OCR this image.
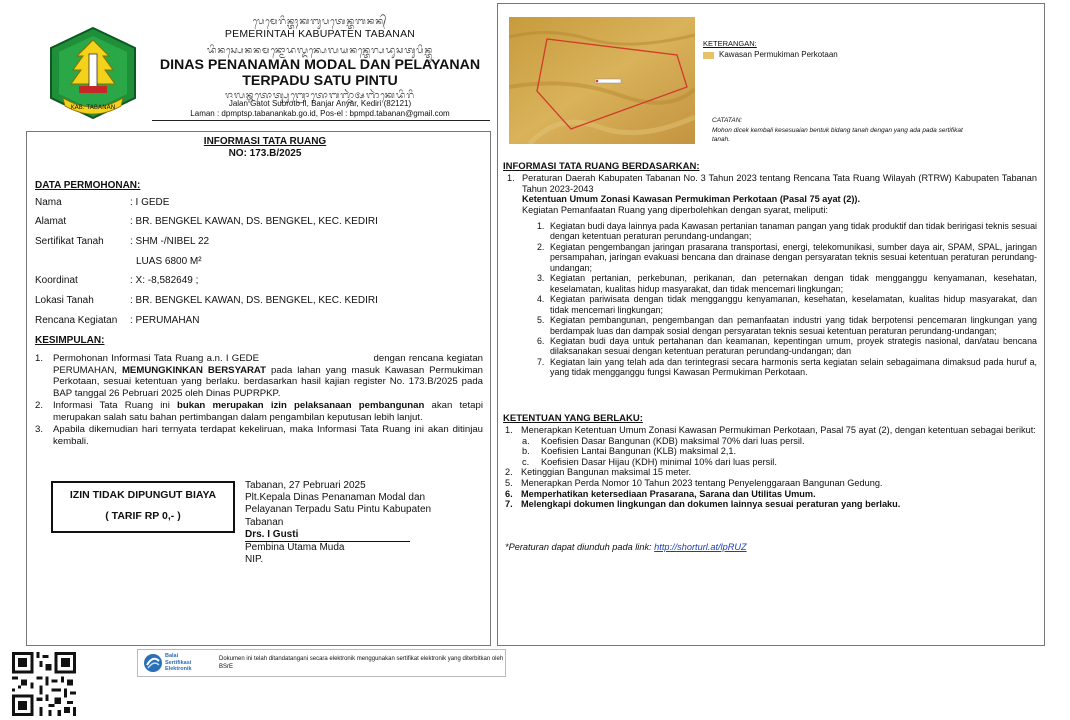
KAB. TABANAN
ᬧᬾᬫᬾᬭᬶᬦ᭄ᬢᬄᬓᬩᬸᬧᬢᬾᬦ᭄ᬢᬩᬦᬦ᭄
PEMERINTAH KABUPATEN TABANAN
ᬤᬶᬦᬲ᭄ᬧᬾᬦᬦᬫᬦ᭄ᬫᭀᬤᬮ᭄ᬤᬦ᭄ᬧᬾᬮᬬᬦᬦ᭄ᬢᬾᬭ᭄ᬧᬤᬸᬲᬢᬸᬧᬶᬦ᭄ᬢᬸ
DINAS PENANAMAN MODAL DAN PELAYANAN
TERPADU SATU PINTU
ᬚᬮᬦ᭄ᬕᬢᭀᬢ᭄ᬲᬸᬩ᭄ᬭᭀᬢᭀᬩᬜ᭄ᬚᬃᬅᬜᬃᬓᬾᬤᬶᬭᬶ
Jalan Gatot Subroto II, Banjar Anyar, Kediri (82121)
Laman : dpmptsp.tabanankab.go.id, Pos-el : bpmpd.tabanan@gmail.com
INFORMASI TATA RUANG
NO: 173.B/2025
DATA PERMOHONAN:
Nama	: I GEDE
Alamat	: BR. BENGKEL KAWAN, DS. BENGKEL, KEC. KEDIRI
Sertifikat Tanah	: SHM -/NIBEL 22
LUAS 6800 M²
Koordinat	: X: -8,582649 ;
Lokasi Tanah	: BR. BENGKEL KAWAN, DS. BENGKEL, KEC. KEDIRI
Rencana Kegiatan : PERUMAHAN
KESIMPULAN:
1. Permohonan Informasi Tata Ruang a.n. I GEDE	dengan rencana kegiatan PERUMAHAN, MEMUNGKINKAN BERSYARAT pada lahan yang masuk Kawasan Permukiman Perkotaan, sesuai ketentuan yang berlaku. berdasarkan hasil kajian register No. 173.B/2025 pada BAP tanggal 26 Pebruari 2025 oleh Dinas PUPRPKP.
2. Informasi Tata Ruang ini bukan merupakan izin pelaksanaan pembangunan akan tetapi merupakan salah satu bahan pertimbangan dalam pengambilan keputusan lebih lanjut.
3. Apabila dikemudian hari ternyata terdapat kekeliruan, maka Informasi Tata Ruang ini akan ditinjau kembali.
IZIN TIDAK DIPUNGUT BIAYA
( TARIF RP 0,- )
Tabanan, 27 Pebruari 2025
Plt.Kepala Dinas Penanaman Modal dan
Pelayanan Terpadu Satu Pintu Kabupaten
Tabanan
Drs. I Gusti
Pembina Utama Muda
NIP.
KETERANGAN:
Kawasan Permukiman Perkotaan
CATATAN:
Mohon dicek kembali kesesuaian bentuk bidang tanah dengan yang ada pada sertifikat tanah.
INFORMASI TATA RUANG BERDASARKAN:
1. Peraturan Daerah Kabupaten Tabanan No. 3 Tahun 2023 tentang Rencana Tata Ruang Wilayah (RTRW) Kabupaten Tabanan Tahun 2023-2043
Ketentuan Umum Zonasi Kawasan Permukiman Perkotaan (Pasal 75 ayat (2)).
Kegiatan Pemanfaatan Ruang yang diperbolehkan dengan syarat, meliputi:
1. Kegiatan budi daya lainnya pada Kawasan pertanian tanaman pangan yang tidak produktif dan tidak beririgasi teknis sesuai dengan ketentuan peraturan perundang-undangan;
2. Kegiatan pengembangan jaringan prasarana transportasi, energi, telekomunikasi, sumber daya air, SPAM, SPAL, jaringan persampahan, jaringan evakuasi bencana dan drainase dengan persyaratan teknis sesuai ketentuan peraturan perundang-undangan;
3. Kegiatan pertanian, perkebunan, perikanan, dan peternakan dengan tidak mengganggu kenyamanan, kesehatan, keselamatan, kualitas hidup masyarakat, dan tidak mencemari lingkungan;
4. Kegiatan pariwisata dengan tidak mengganggu kenyamanan, kesehatan, keselamatan, kualitas hidup masyarakat, dan tidak mencemari lingkungan;
5. Kegiatan pembangunan, pengembangan dan pemanfaatan industri yang tidak berpotensi pencemaran lingkungan yang berdampak luas dan dampak sosial dengan persyaratan teknis sesuai ketentuan peraturan perundang-undangan;
6. Kegiatan budi daya untuk pertahanan dan keamanan, kepentingan umum, proyek strategis nasional, dan/atau bencana dilaksanakan sesuai dengan ketentuan peraturan perundang-undangan; dan
7. Kegiatan lain yang telah ada dan terintegrasi secara harmonis serta kegiatan selain sebagaimana dimaksud pada huruf a, yang tidak mengganggu fungsi Kawasan Permukiman Perkotaan.
KETENTUAN YANG BERLAKU:
1. Menerapkan Ketentuan Umum Zonasi Kawasan Permukiman Perkotaan, Pasal 75 ayat (2), dengan ketentuan sebagai berikut:
a. Koefisien Dasar Bangunan (KDB) maksimal 70% dari luas persil.
b. Koefisien Lantai Bangunan (KLB) maksimal 2,1.
c. Koefisien Dasar Hijau (KDH) minimal 10% dari luas persil.
2. Ketinggian Bangunan maksimal 15 meter.
5. Menerapkan Perda Nomor 10 Tahun 2023 tentang Penyelenggaraan Bangunan Gedung.
6. Memperhatikan ketersediaan Prasarana, Sarana dan Utilitas Umum.
7. Melengkapi dokumen lingkungan dan dokumen lainnya sesuai peraturan yang berlaku.
*Peraturan dapat diunduh pada link: http://shorturl.at/lpRUZ
Balai
Sertifikasi
Elektronik
Dokumen ini telah ditandatangani secara elektronik menggunakan sertifikat elektronik yang diterbitkan oleh BSrE
